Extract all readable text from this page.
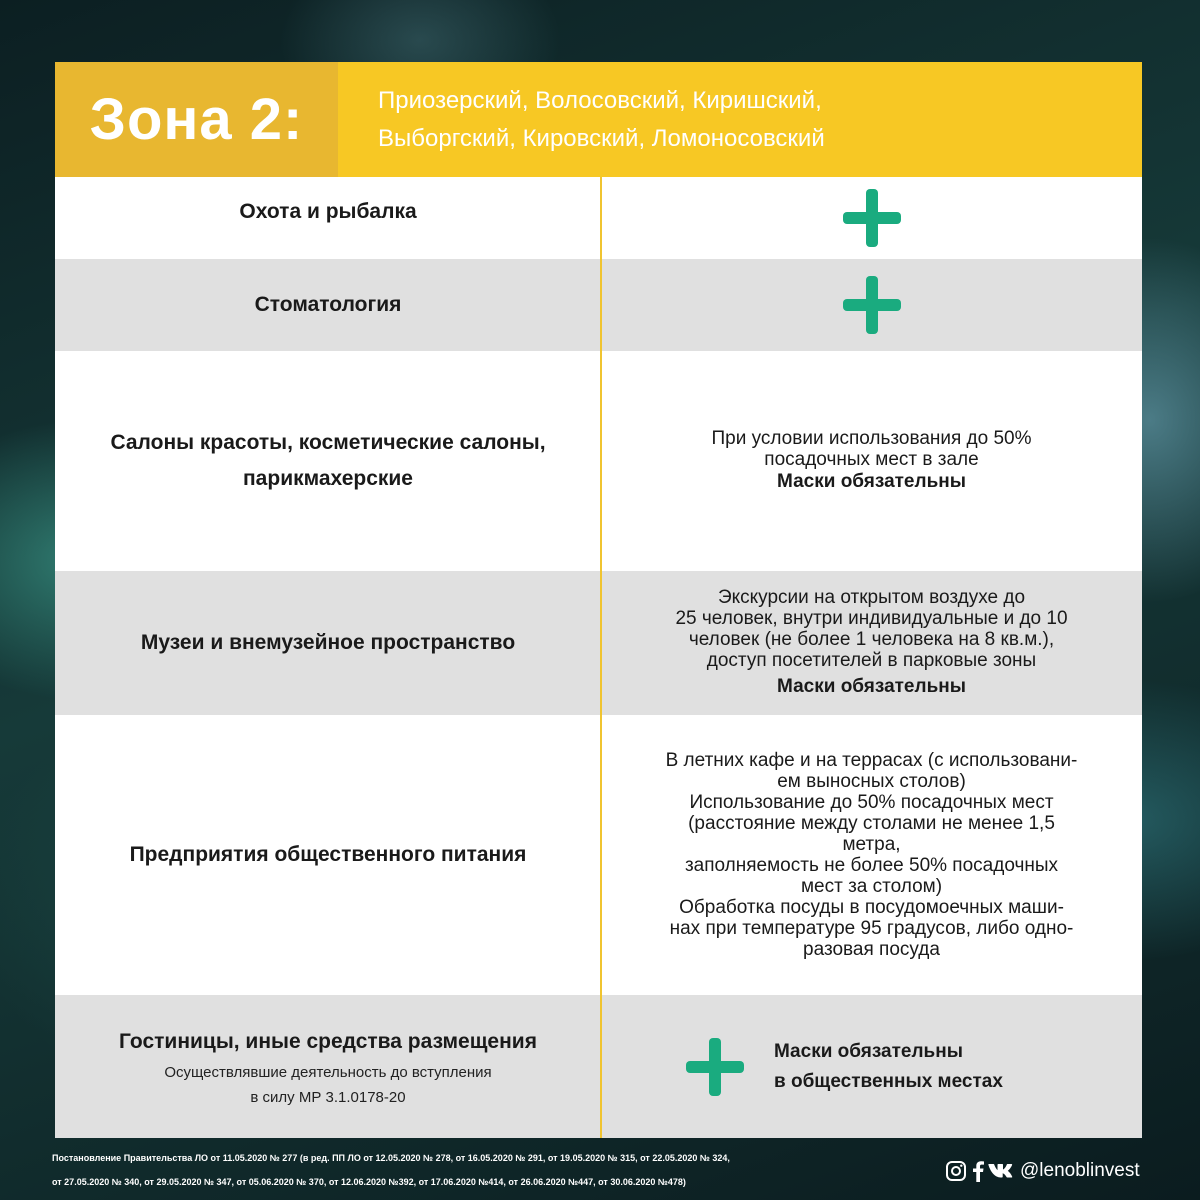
Зона 2:	Приозерский, Волосовский, Киришский,
Выборгский, Кировский, Ломоносовский
Охота и рыбалка
Стоматология
Салоны красоты, косметические салоны,
парикмахерские
При условии использования до 50%
посадочных мест в зале
Маски обязательны
Музеи и внемузейное пространство
Экскурсии на открытом воздухе до
25 человек, внутри индивидуальные и до 10
человек (не более 1 человека на 8 кв.м.),
доступ посетителей в парковые зоны
Маски обязательны
Предприятия общественного питания
В летних кафе и на террасах (с использовани-
ем выносных столов)
Использование до 50% посадочных мест
(расстояние между столами не менее 1,5
метра,
заполняемость не более 50% посадочных
мест за столом)
Обработка посуды в посудомоечных маши-
нах при температуре 95 градусов, либо одно-
разовая посуда
Гостиницы, иные средства размещения
Осуществлявшие деятельность до вступления
в силу МР 3.1.0178-20
Маски обязательны
в общественных местах
Постановление Правительства ЛО от 11.05.2020 № 277 (в ред. ПП ЛО от 12.05.2020 № 278, от 16.05.2020 № 291, от 19.05.2020 № 315, от 22.05.2020 № 324,
от 27.05.2020 № 340, от 29.05.2020 № 347, от 05.06.2020 № 370, от 12.06.2020 №392, от 17.06.2020 №414, от 26.06.2020 №447, от 30.06.2020 №478)
@lenoblinvest
